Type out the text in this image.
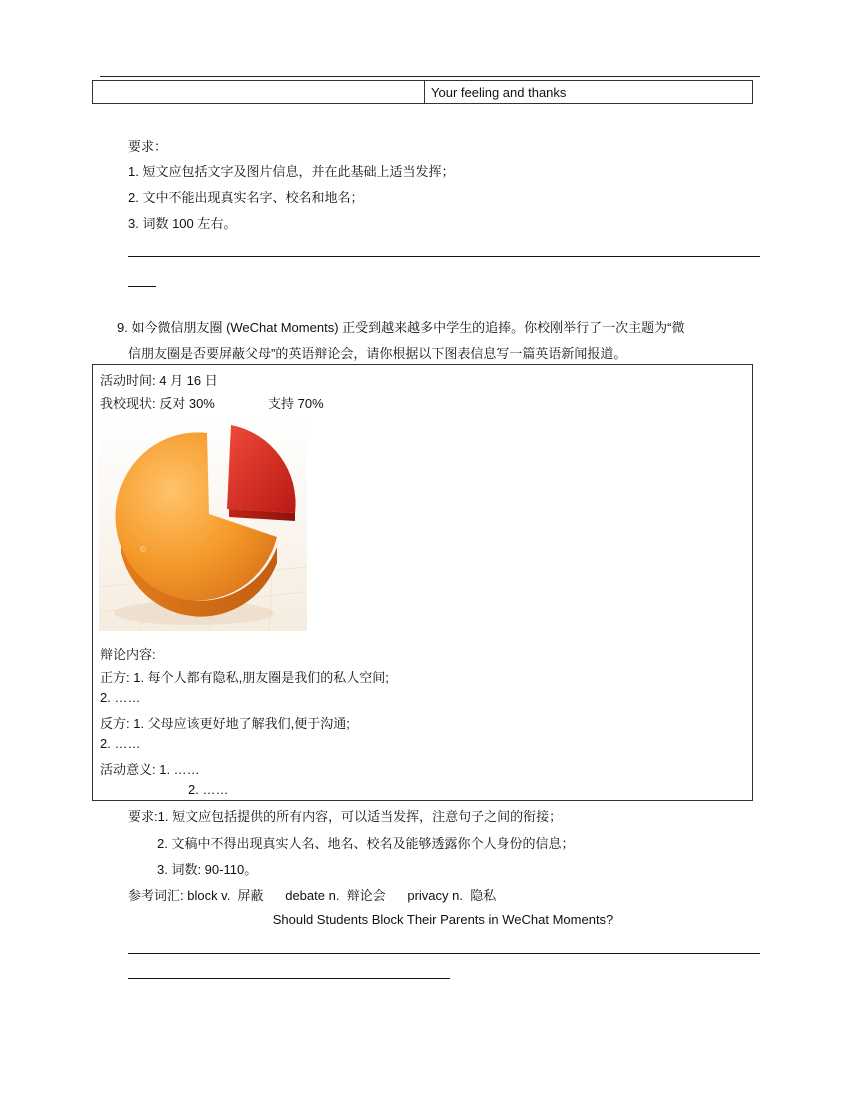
Your feeling and thanks
要求：
1. 短文应包括文字及图片信息，并在此基础上适当发挥；
2. 文中不能出现真实名字、校名和地名；
3. 词数 100 左右。
9. 如今微信朋友圈 (WeChat Moments) 正受到越来越多中学生的追捧。你校刚举行了一次主题为“微
信朋友圈是否要屏蔽父母”的英语辩论会，请你根据以下图表信息写一篇英语新闻报道。
活动时间: 4 月 16 日
我校现状: 反对 30%	支持 70%
©
©
辩论内容:
正方: 1. 每个人都有隐私,朋友圈是我们的私人空间;
2. ……
反方: 1. 父母应该更好地了解我们,便于沟通;
2. ……
活动意义: 1. ……
2. ……
要求:1. 短文应包括提供的所有内容，可以适当发挥，注意句子之间的衔接；
2. 文稿中不得出现真实人名、地名、校名及能够透露你个人身份的信息；
3. 词数: 90-110。
参考词汇: block v.  屏蔽      debate n.  辩论会      privacy n.  隐私
Should Students Block Their Parents in WeChat Moments?
